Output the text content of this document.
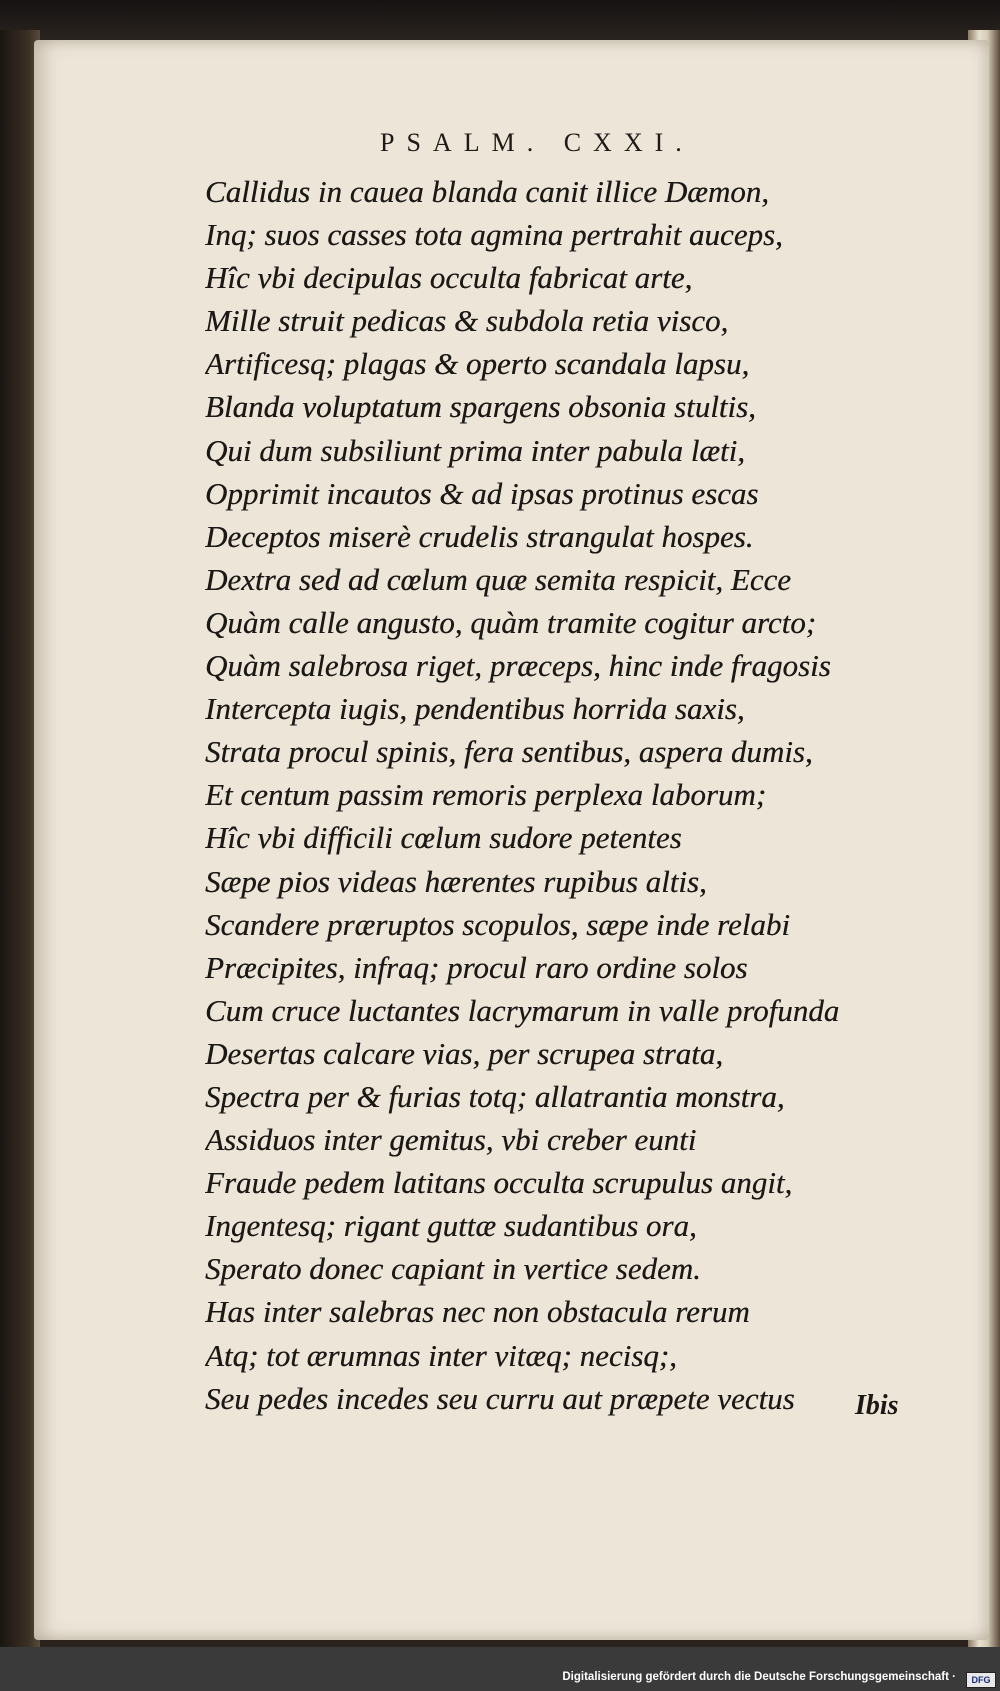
PSALM. CXXI.
Callidus in cauea blanda canit illice Dæmon,
Inq; suos casses tota agmina pertrahit auceps,
Hîc vbi decipulas occulta fabricat arte,
Mille struit pedicas & subdola retia visco,
Artificesq; plagas & operto scandala lapsu,
Blanda voluptatum spargens obsonia stultis,
Qui dum subsiliunt prima inter pabula læti,
Opprimit incautos & ad ipsas protinus escas
Deceptos miserè crudelis strangulat hospes.
Dextra sed ad cœlum quæ semita respicit, Ecce
Quàm calle angusto, quàm tramite cogitur arcto;
Quàm salebrosa riget, præceps, hinc inde fragosis
Intercepta iugis, pendentibus horrida saxis,
Strata procul spinis, fera sentibus, aspera dumis,
Et centum passim remoris perplexa laborum;
Hîc vbi difficili cœlum sudore petentes
Sæpe pios videas hærentes rupibus altis,
Scandere præruptos scopulos, sæpe inde relabi
Præcipites, infraq; procul raro ordine solos
Cum cruce luctantes lacrymarum in valle profunda
Desertas calcare vias, per scrupea strata,
Spectra per & furias totq; allatrantia monstra,
Assiduos inter gemitus, vbi creber eunti
Fraude pedem latitans occulta scrupulus angit,
Ingentesq; rigant guttæ sudantibus ora,
Sperato donec capiant in vertice sedem.
Has inter salebras nec non obstacula rerum
Atq; tot ærumnas inter vitæq; necisq;,
Seu pedes incedes seu curru aut præpete vectus	Ibis
Digitalisierung gefördert durch die Deutsche Forschungsgemeinschaft ·	DFG
